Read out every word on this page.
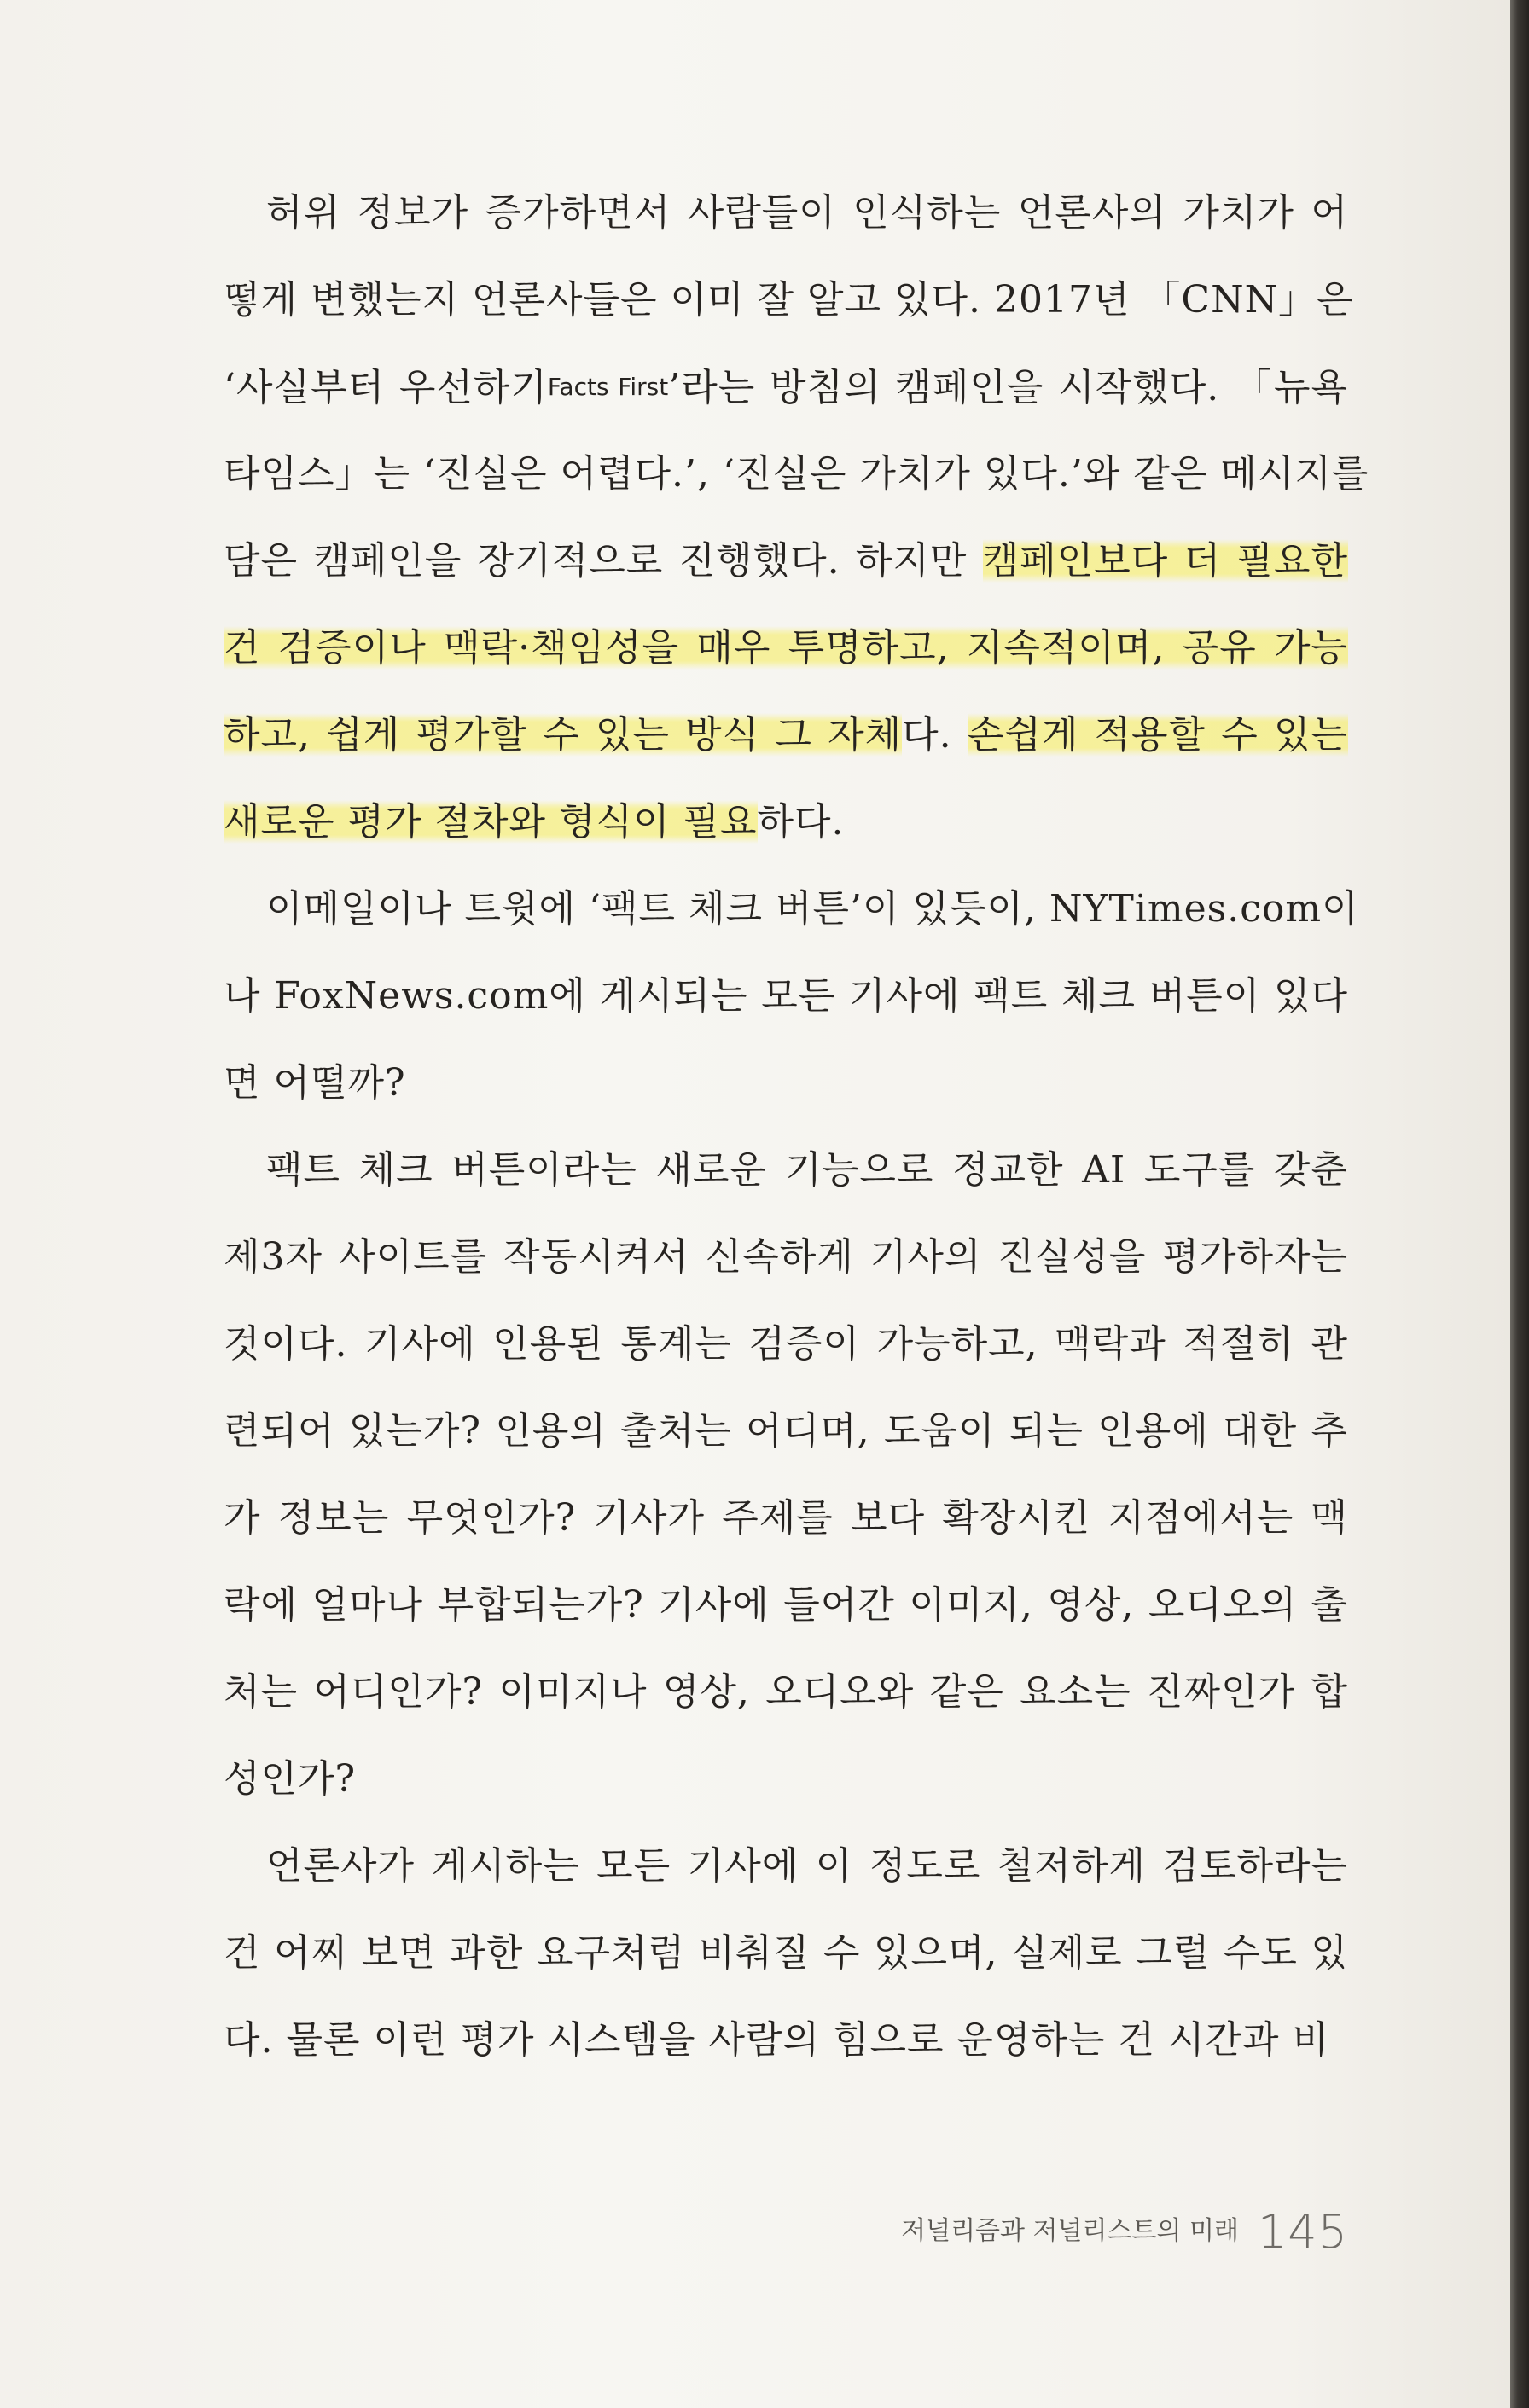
허위 정보가 증가하면서 사람들이 인식하는 언론사의 가치가 어
떻게 변했는지 언론사들은 이미 잘 알고 있다. 2017년 「CNN」은
‘사실부터 우선하기Facts First’라는 방침의 캠페인을 시작했다. 「뉴욕
타임스」는 ‘진실은 어렵다.’, ‘진실은 가치가 있다.’와 같은 메시지를
담은 캠페인을 장기적으로 진행했다. 하지만 캠페인보다 더 필요한
건 검증이나 맥락·책임성을 매우 투명하고, 지속적이며, 공유 가능
하고, 쉽게 평가할 수 있는 방식 그 자체다. 손쉽게 적용할 수 있는
새로운 평가 절차와 형식이 필요하다.
이메일이나 트윗에 ‘팩트 체크 버튼’이 있듯이, NYTimes.com이
나 FoxNews.com에 게시되는 모든 기사에 팩트 체크 버튼이 있다
면 어떨까?
팩트 체크 버튼이라는 새로운 기능으로 정교한 AI 도구를 갖춘
제3자 사이트를 작동시켜서 신속하게 기사의 진실성을 평가하자는
것이다. 기사에 인용된 통계는 검증이 가능하고, 맥락과 적절히 관
련되어 있는가? 인용의 출처는 어디며, 도움이 되는 인용에 대한 추
가 정보는 무엇인가? 기사가 주제를 보다 확장시킨 지점에서는 맥
락에 얼마나 부합되는가? 기사에 들어간 이미지, 영상, 오디오의 출
처는 어디인가? 이미지나 영상, 오디오와 같은 요소는 진짜인가 합
성인가?
언론사가 게시하는 모든 기사에 이 정도로 철저하게 검토하라는
건 어찌 보면 과한 요구처럼 비춰질 수 있으며, 실제로 그럴 수도 있
다. 물론 이런 평가 시스템을 사람의 힘으로 운영하는 건 시간과 비
저널리즘과 저널리스트의 미래 145
